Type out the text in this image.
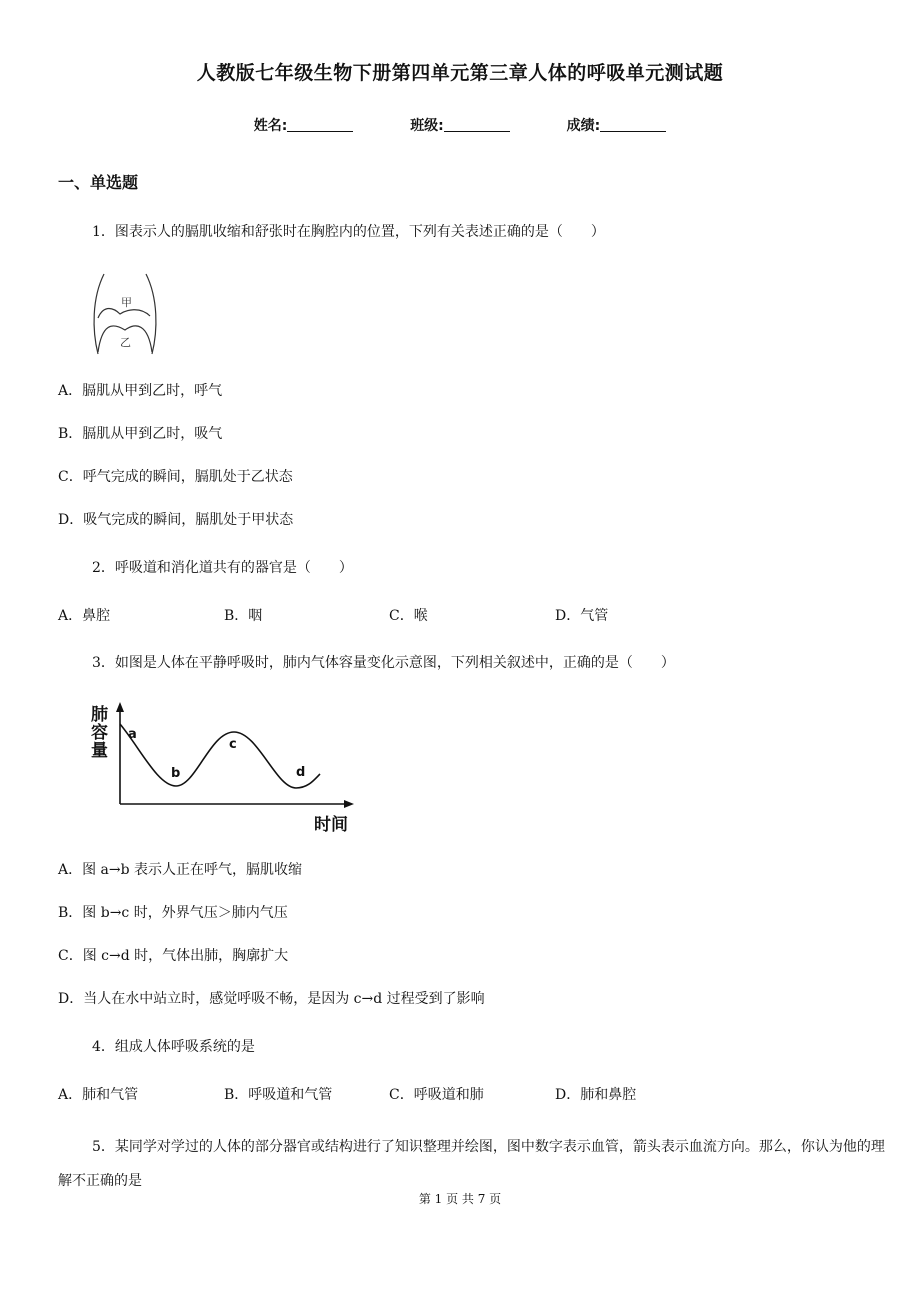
人教版七年级生物下册第四单元第三章人体的呼吸单元测试题
姓名:	班级:	成绩:
一、单选题
1．图表示人的膈肌收缩和舒张时在胸腔内的位置，下列有关表述正确的是（　　）
甲
乙
A．膈肌从甲到乙时，呼气
B．膈肌从甲到乙时，吸气
C．呼气完成的瞬间，膈肌处于乙状态
D．吸气完成的瞬间，膈肌处于甲状态
2．呼吸道和消化道共有的器官是（　　）
A．鼻腔	B．咽	C．喉	D．气管
3．如图是人体在平静呼吸时，肺内气体容量变化示意图，下列相关叙述中，正确的是（　　）
肺 容 量
时间
a
b
c
d
A．图 a→b 表示人正在呼气，膈肌收缩
B．图 b→c 时，外界气压＞肺内气压
C．图 c→d 时，气体出肺，胸廓扩大
D．当人在水中站立时，感觉呼吸不畅，是因为 c→d 过程受到了影响
4．组成人体呼吸系统的是
A．肺和气管	B．呼吸道和气管	C．呼吸道和肺	D．肺和鼻腔
5．某同学对学过的人体的部分器官或结构进行了知识整理并绘图，图中数字表示血管，箭头表示血流方向。那么，你认为他的理解不正确的是
第 1 页 共 7 页
